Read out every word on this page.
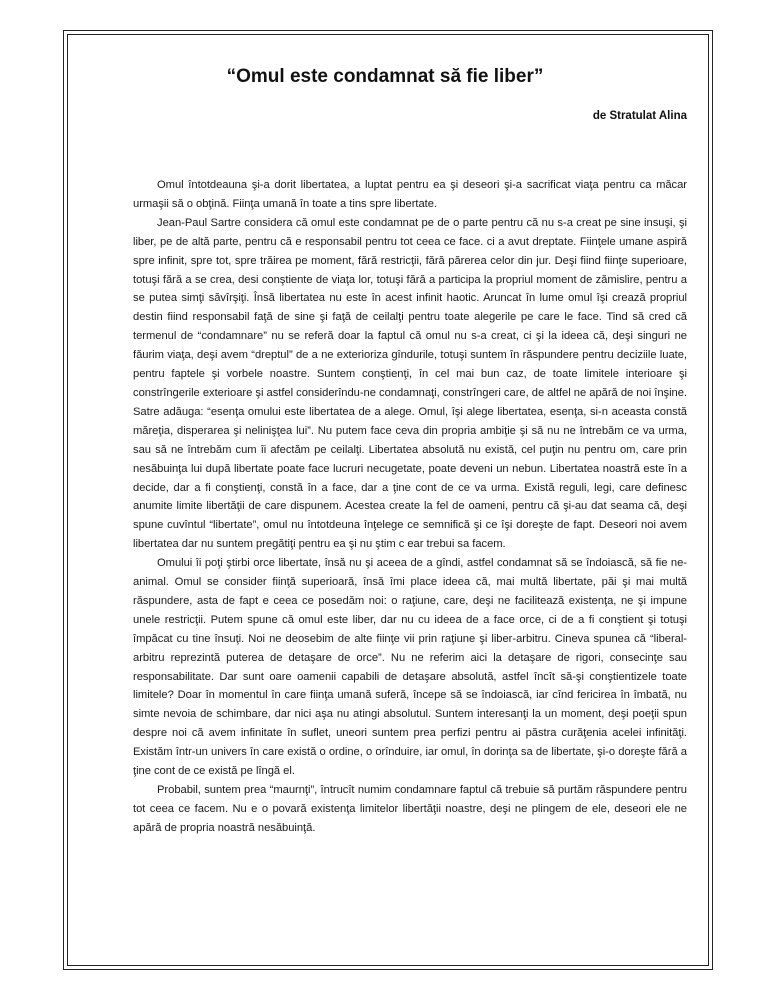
“Omul este condamnat să fie liber”
de Stratulat Alina

Omul întotdeauna şi-a dorit libertatea, a luptat pentru ea şi deseori şi-a sacrificat viaţa pentru ca măcar urmaşii să o obţină. Fiinţa umană în toate a tins spre libertate.

Jean-Paul Sartre considera că omul este condamnat pe de o parte pentru că nu s-a creat pe sine insuşi, şi liber, pe de altă parte, pentru că e responsabil pentru tot ceea ce face. ci a avut dreptate. Fiinţele umane aspiră spre infinit, spre tot, spre trăirea pe moment, fără restricţii, fără părerea celor din jur. Deşi fiind fiinţe superioare, totuşi fără a se crea, desi conştiente de viaţa lor, totuşi fără a participa la propriul moment de zămislire, pentru a se putea simţi săvîrşiţi. Însă libertatea nu este în acest infinit haotic. Aruncat în lume omul îşi crează propriul destin fiind responsabil faţă de sine şi faţă de ceilalţi pentru toate alegerile pe care le face. Tind să cred că termenul de “condamnare” nu se referă doar la faptul că omul nu s-a creat, ci şi la ideea că, deşi singuri ne făurim viaţa, deşi avem “dreptul” de a ne exterioriza gîndurile, totuşi suntem în răspundere pentru deciziile luate, pentru faptele şi vorbele noastre. Suntem conştienţi, în cel mai bun caz, de toate limitele interioare şi constrîngerile exterioare şi astfel considerîndu-ne condamnaţi, constrîngeri care, de altfel ne apără de noi înşine. Satre adăuga: “esenţa omului este libertatea de a alege. Omul, îşi alege libertatea, esenţa, si-n aceasta constă măreţia, disperarea şi nelinişţea lui”. Nu putem face ceva din propria ambiţie şi să nu ne întrebăm ce va urma, sau să ne întrebăm cum îi afectăm pe ceilalţi. Libertatea absolută nu există, cel puţin nu pentru om, care prin nesăbuinţa lui după libertate poate face lucruri necugetate, poate deveni un nebun. Libertatea noastră este în a decide, dar a fi conştienţi, constă în a face, dar a ţine cont de ce va urma. Există reguli, legi, care definesc anumite limite libertăţii de care dispunem. Acestea create la fel de oameni, pentru că şi-au dat seama că, deşi spune cuvîntul “libertate”, omul nu întotdeuna înţelege ce semnifică şi ce îşi doreşte de fapt. Deseori noi avem libertatea dar nu suntem pregătiţi pentru ea şi nu ştim c ear trebui sa facem.

Omului îi poţi ştirbi orce libertate, însă nu şi aceea de a gîndi, astfel condamnat să se îndoiască, să fie ne-animal. Omul se consider fiinţă superioară, însă îmi place ideea că, mai multă libertate, păi şi mai multă răspundere, asta de fapt e ceea ce posedăm noi: o raţiune, care, deşi ne facilitează existenţa, ne şi impune unele restricţii. Putem spune că omul este liber, dar nu cu ideea de a face orce, ci de a fi conştient şi totuşi împăcat cu tine însuţi. Noi ne deosebim de alte fiinţe vii prin raţiune şi liber-arbitru. Cineva spunea că “liberal-arbitru reprezintă puterea de detaşare de orce”. Nu ne referim aici la detaşare de rigori, consecinţe sau responsabilitate. Dar sunt oare oamenii capabili de detaşare absolută, astfel încît să-şi conştientizele toate limitele? Doar în momentul în care fiinţa umană suferă, începe să se îndoiască, iar cînd fericirea în îmbată, nu simte nevoia de schimbare, dar nici aşa nu atingi absolutul. Suntem interesanţi la un moment, deşi poeţii spun despre noi că avem infinitate în suflet, uneori suntem prea perfizi pentru ai păstra curăţenia acelei infinităţi. Existăm într-un univers în care există o ordine, o orînduire, iar omul, în dorinţa sa de libertate, şi-o doreşte fără a ţine cont de ce există pe lîngă el.

Probabil, suntem prea “maurnţi”, întrucît numim condamnare faptul că trebuie să purtăm răspundere pentru tot ceea ce facem. Nu e o povară existenţa limitelor libertăţii noastre, deşi ne plingem de ele, deseori ele ne apără de propria noastră nesăbuinţă.
